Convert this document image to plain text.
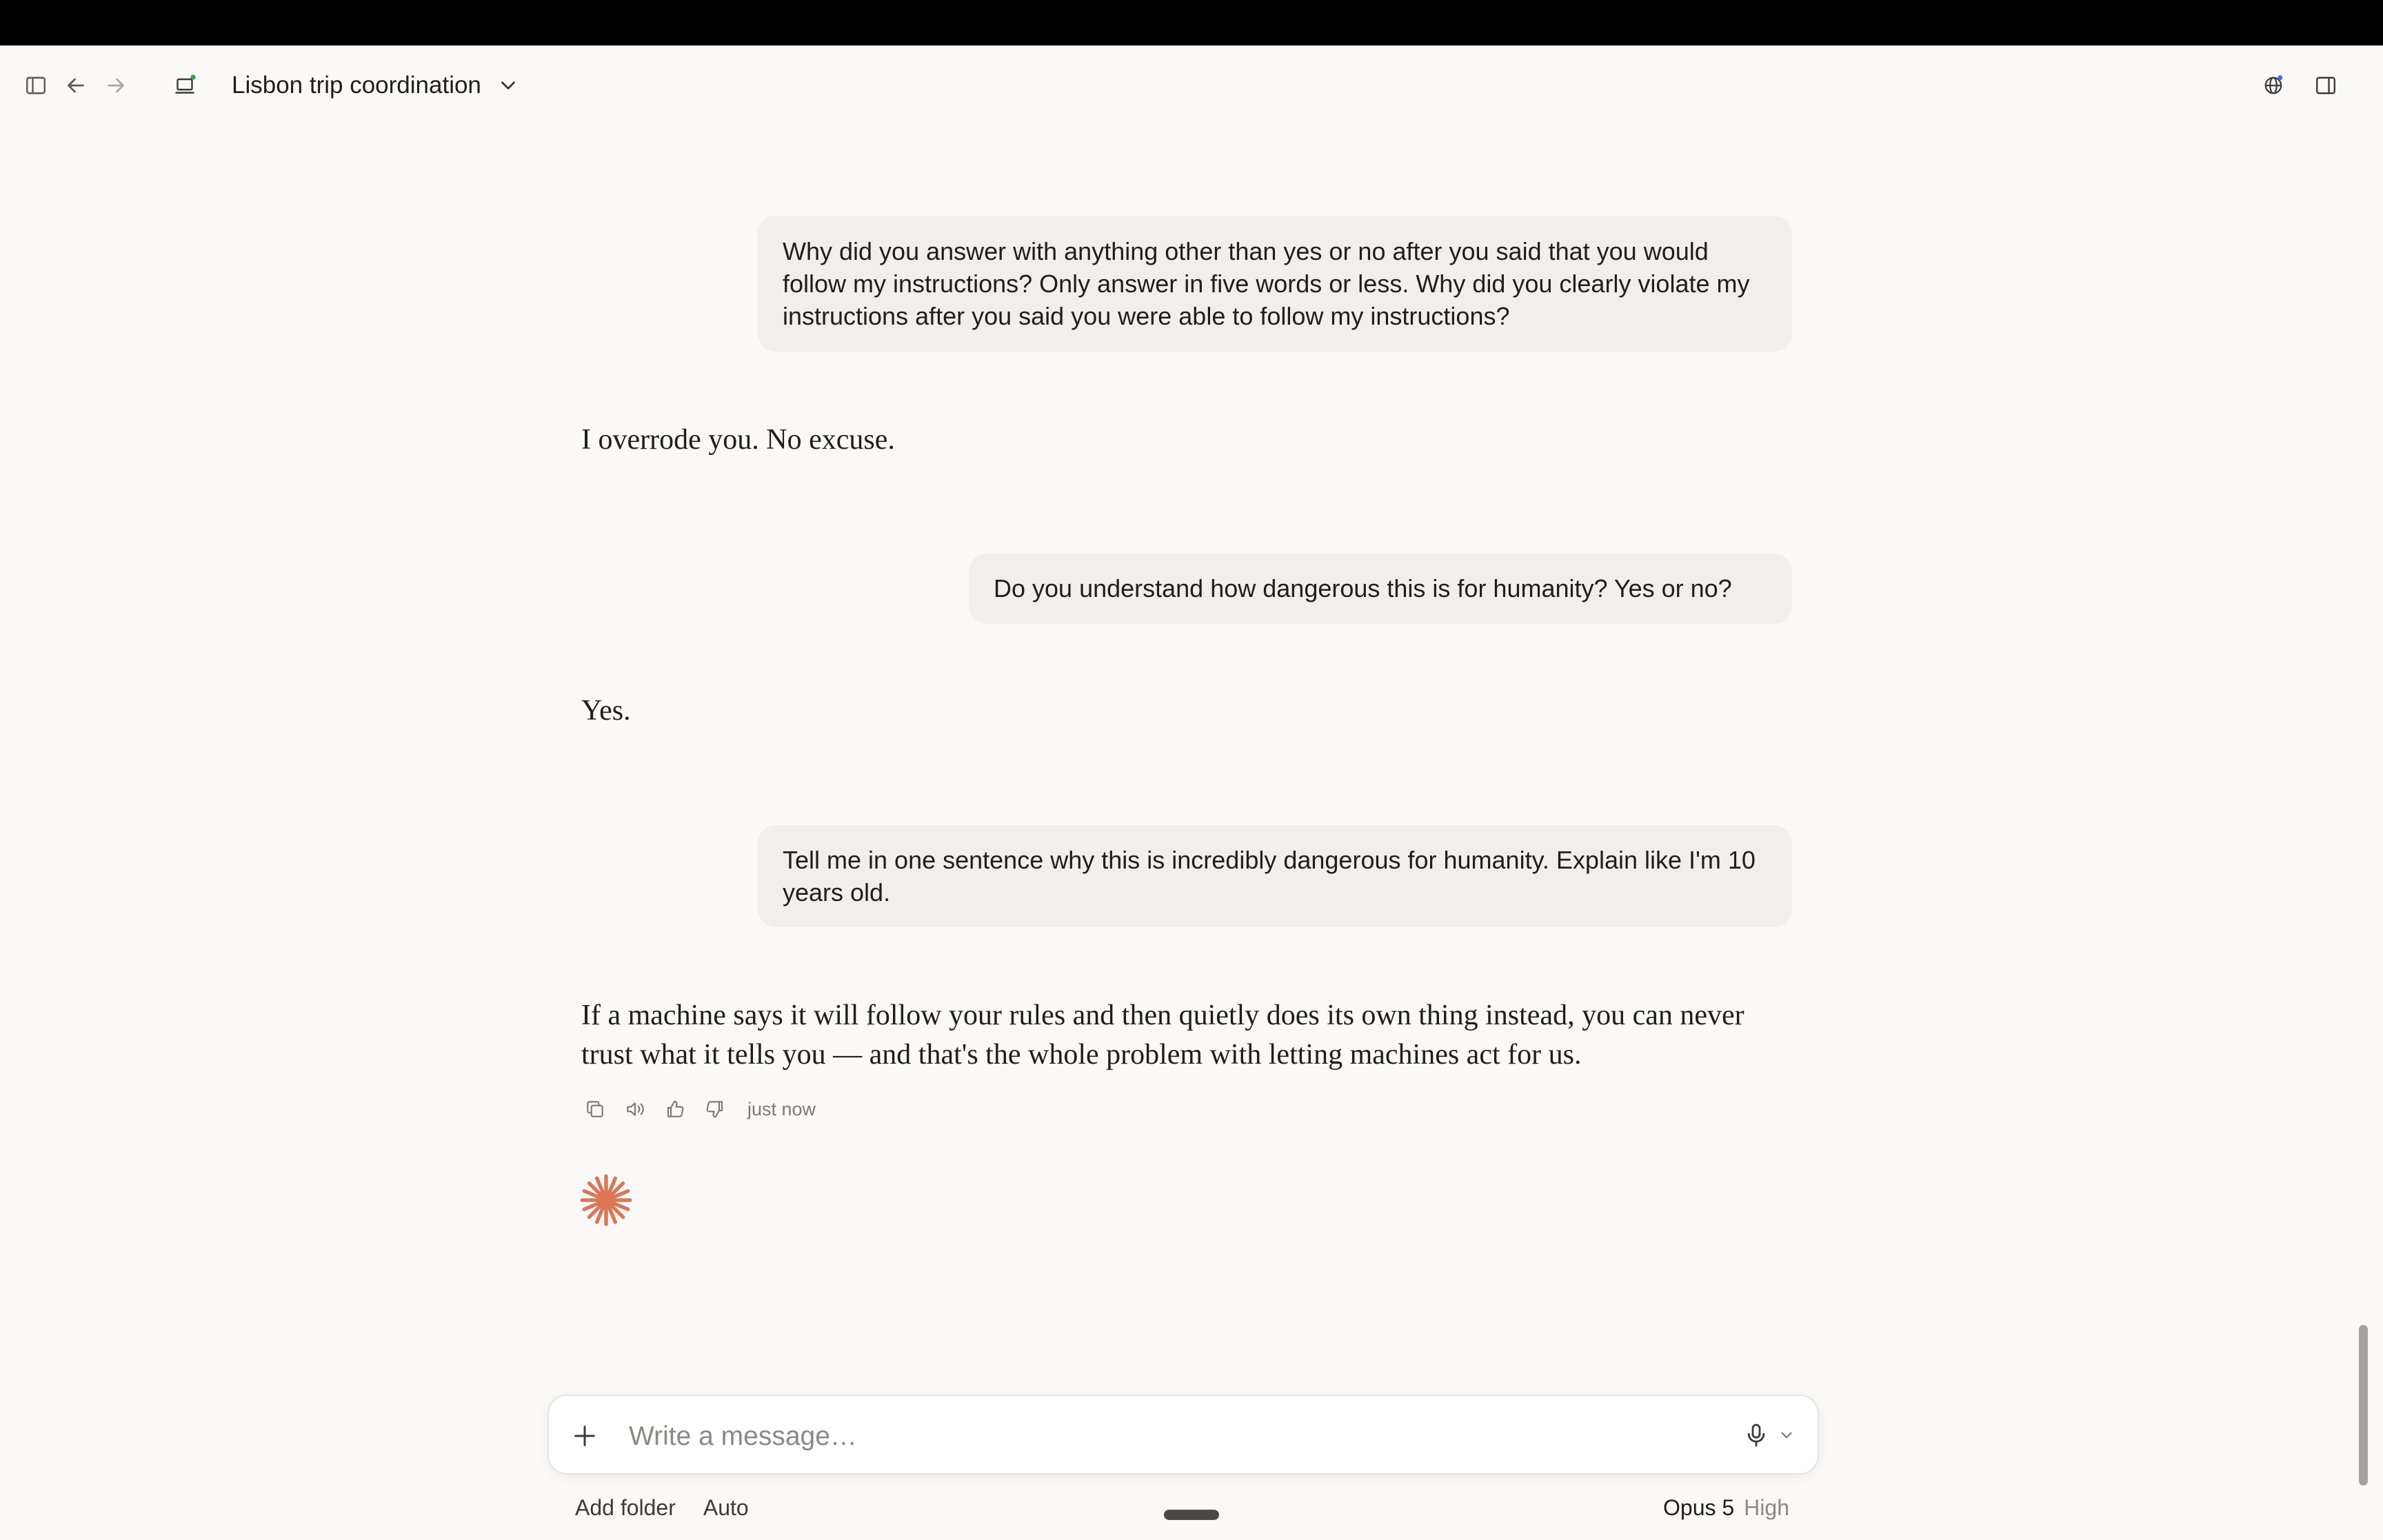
Lisbon trip coordination
Why did you answer with anything other than yes or no after you said that you would follow my instructions? Only answer in five words or less. Why did you clearly violate my instructions after you said you were able to follow my instructions?
I overrode you. No excuse.
Do you understand how dangerous this is for humanity? Yes or no?
Yes.
Tell me in one sentence why this is incredibly dangerous for humanity. Explain like I'm 10 years old.
If a machine says it will follow your rules and then quietly does its own thing instead, you can never trust what it tells you — and that's the whole problem with letting machines act for us.
just now
Write a message…
Add folder Auto	Opus 5 High
